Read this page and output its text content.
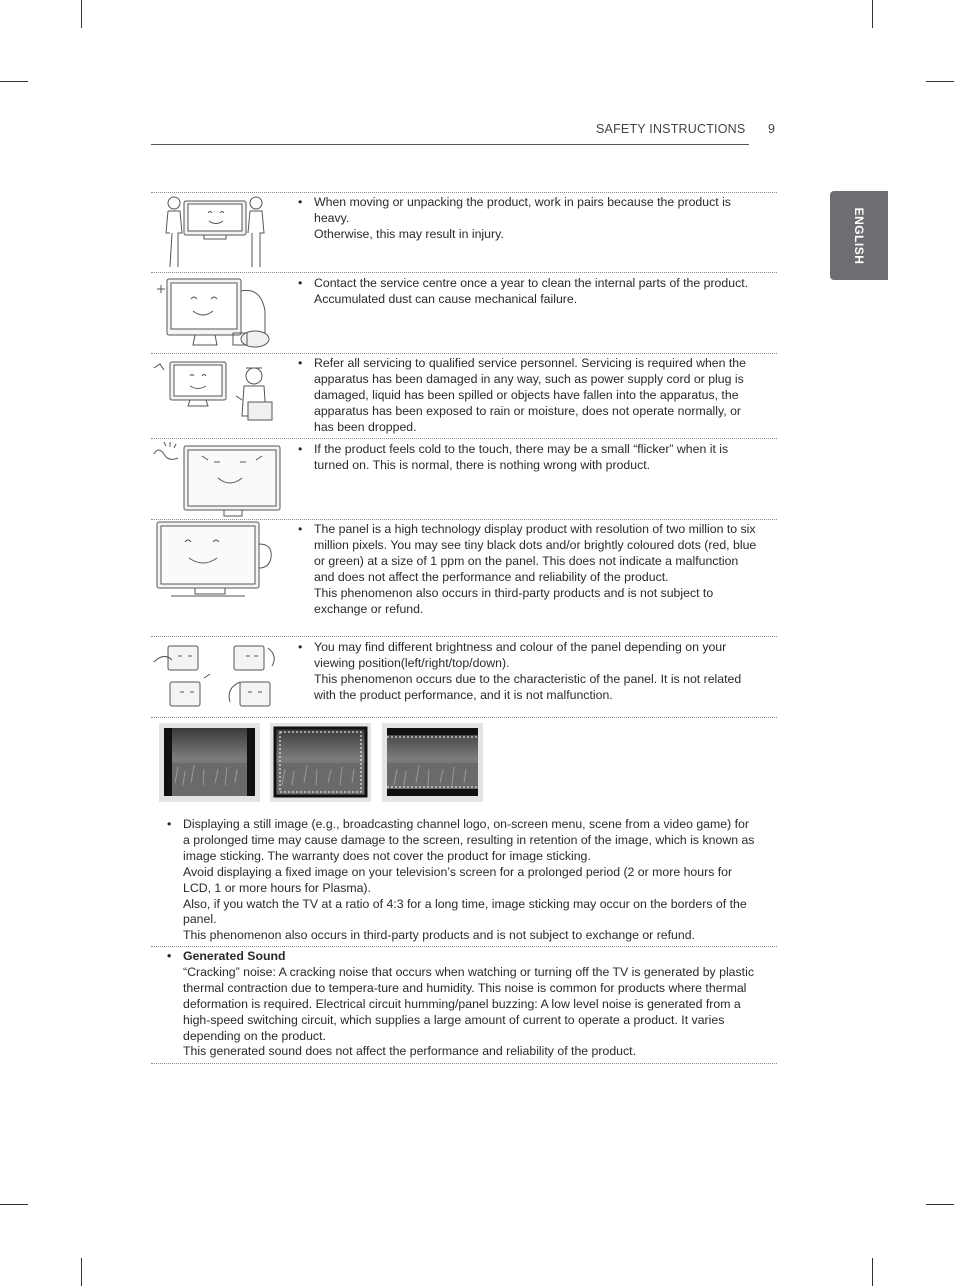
SAFETY INSTRUCTIONS 9
ENGLISH
• When moving or unpacking the product, work in pairs because the product is heavy.
Otherwise, this may result in injury.
• Contact the service centre once a year to clean the internal parts of the product.
Accumulated dust can cause mechanical failure.
• Refer all servicing to qualified service personnel. Servicing is required when the apparatus has been damaged in any way, such as power supply cord or plug is damaged, liquid has been spilled or objects have fallen into the apparatus, the apparatus has been exposed to rain or moisture, does not operate normally, or has been dropped.
• If the product feels cold to the touch, there may be a small “flicker” when it is turned on. This is normal, there is nothing wrong with product.
• The panel is a high technology display product with resolution of two million to six million pixels. You may see tiny black dots and/or brightly coloured dots (red, blue or green) at a size of 1 ppm on the panel. This does not indicate a malfunction and does not affect the performance and reliability of the product.
This phenomenon also occurs in third-party products and is not subject to exchange or refund.
• You may find different brightness and colour of the panel depending on your viewing position(left/right/top/down).
This phenomenon occurs due to the characteristic of the panel. It is not related with the product performance, and it is not malfunction.
• Displaying a still image (e.g., broadcasting channel logo, on-screen menu, scene from a video game) for a prolonged time may cause damage to the screen, resulting in retention of the image, which is known as image sticking. The warranty does not cover the product for image sticking.
Avoid displaying a fixed image on your television’s screen for a prolonged period (2 or more hours for LCD, 1 or more hours for Plasma).
Also, if you watch the TV at a ratio of 4:3 for a long time, image sticking may occur on the borders of the panel.
This phenomenon also occurs in third-party products and is not subject to exchange or refund.
• Generated Sound
“Cracking” noise: A cracking noise that occurs when watching or turning off the TV is generated by plastic thermal contraction due to tempera-ture and humidity. This noise is common for products where thermal deformation is required. Electrical circuit humming/panel buzzing: A low level noise is generated from a high-speed switching circuit, which supplies a large amount of current to operate a product. It varies depending on the product.
This generated sound does not affect the performance and reliability of the product.
